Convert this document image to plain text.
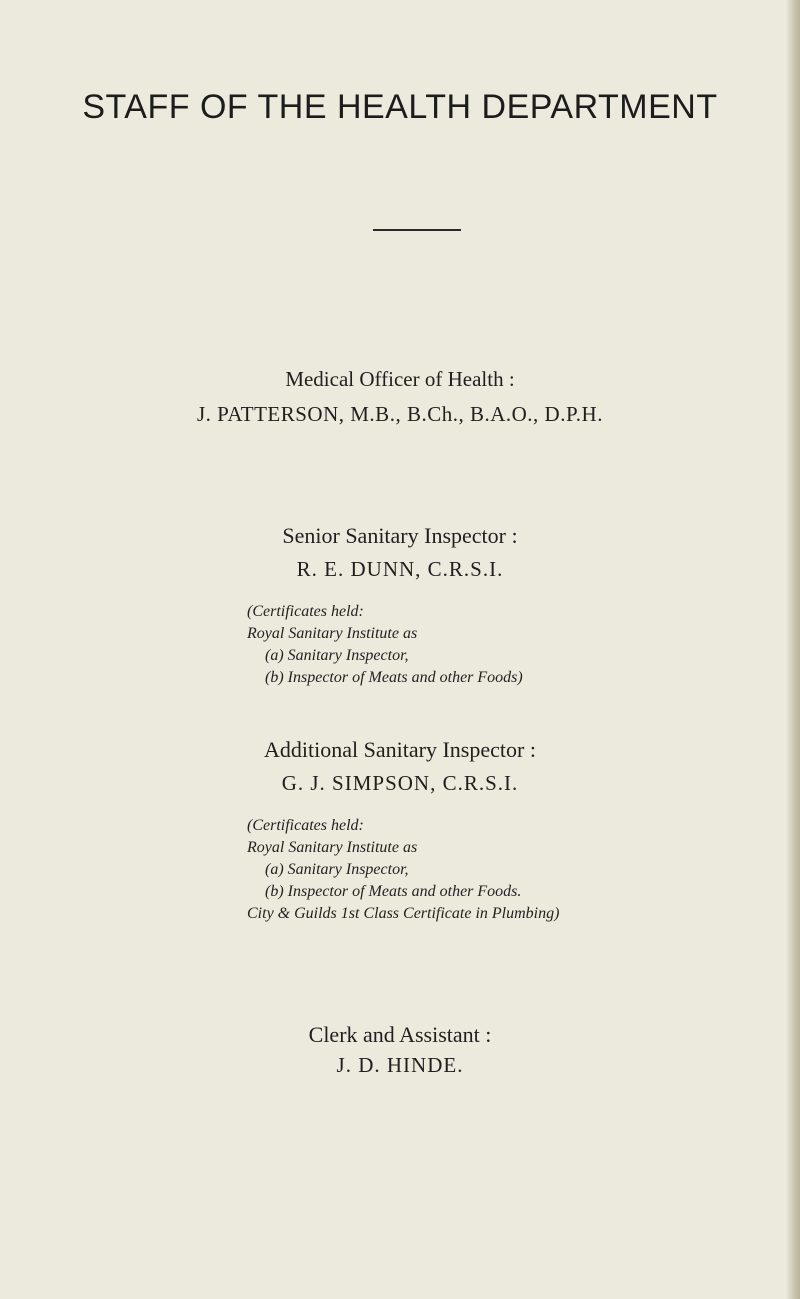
STAFF OF THE HEALTH DEPARTMENT
Medical Officer of Health :
J. PATTERSON, M.B., B.Ch., B.A.O., D.P.H.
Senior Sanitary Inspector :
R. E. DUNN, C.R.S.I.
(Certificates held:
Royal Sanitary Institute as
(a) Sanitary Inspector,
(b) Inspector of Meats and other Foods)
Additional Sanitary Inspector :
G. J. SIMPSON, C.R.S.I.
(Certificates held:
Royal Sanitary Institute as
(a) Sanitary Inspector,
(b) Inspector of Meats and other Foods.
City & Guilds 1st Class Certificate in Plumbing)
Clerk and Assistant :
J. D. HINDE.
